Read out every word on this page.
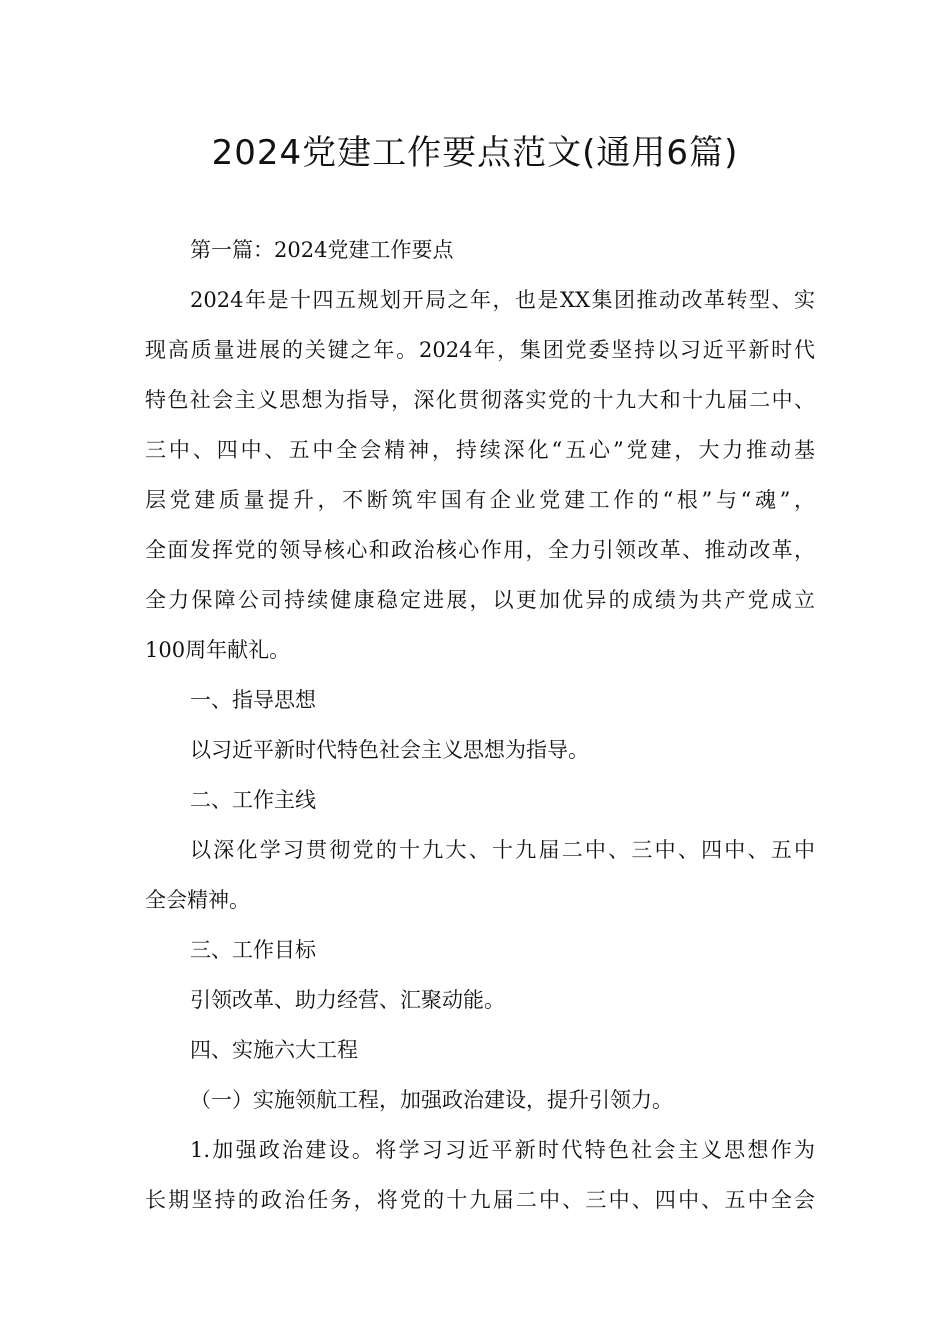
2024党建工作要点范文(通用6篇)
第一篇：2024党建工作要点
2024年是十四五规划开局之年，也是XX集团推动改革转型、实
现高质量进展的关键之年。2024年，集团党委坚持以习近平新时代
特色社会主义思想为指导，深化贯彻落实党的十九大和十九届二中、
三中、四中、五中全会精神，持续深化“五心”党建，大力推动基
层党建质量提升，不断筑牢国有企业党建工作的“根”与“魂”，
全面发挥党的领导核心和政治核心作用，全力引领改革、推动改革，
全力保障公司持续健康稳定进展，以更加优异的成绩为共产党成立
100周年献礼。
一、指导思想
以习近平新时代特色社会主义思想为指导。
二、工作主线
以深化学习贯彻党的十九大、十九届二中、三中、四中、五中
全会精神。
三、工作目标
引领改革、助力经营、汇聚动能。
四、实施六大工程
（一）实施领航工程，加强政治建设，提升引领力。
1.加强政治建设。将学习习近平新时代特色社会主义思想作为
长期坚持的政治任务，将党的十九届二中、三中、四中、五中全会
